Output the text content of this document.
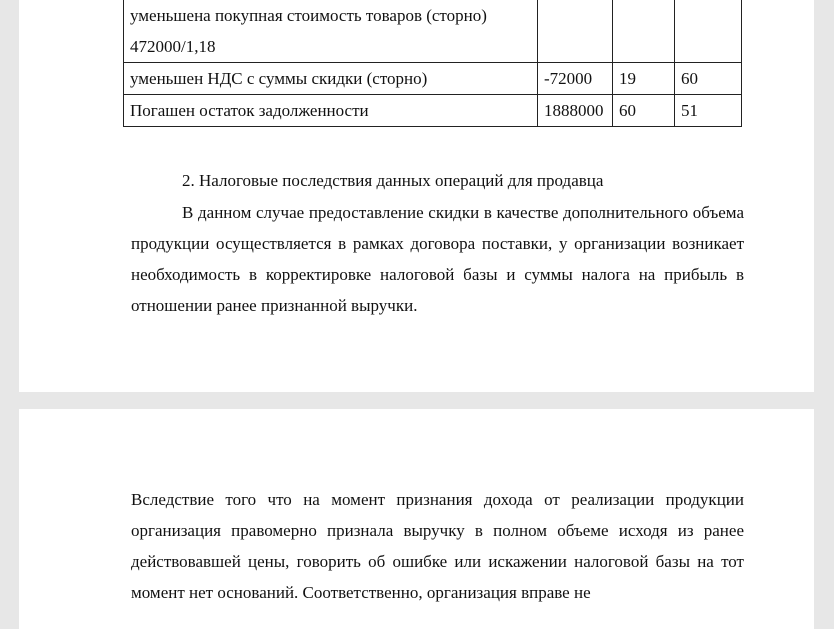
уменьшена покупная стоимость товаров (сторно)
472000/1,18			
уменьшен НДС с суммы скидки (сторно)	-72000	19	60
Погашен остаток задолженности	1888000	60	51

2. Налоговые последствия данных операций для продавца

В данном случае предоставление скидки в качестве дополнительного объема продукции осуществляется в рамках договора поставки, у организации возникает необходимость в корректировке налоговой базы и суммы налога на прибыль в отношении ранее признанной выручки.

Вследствие того что на момент признания дохода от реализации продукции организация правомерно признала выручку в полном объеме исходя из ранее действовавшей цены, говорить об ошибке или искажении налоговой базы на тот момент нет оснований. Соответственно, организация вправе не
